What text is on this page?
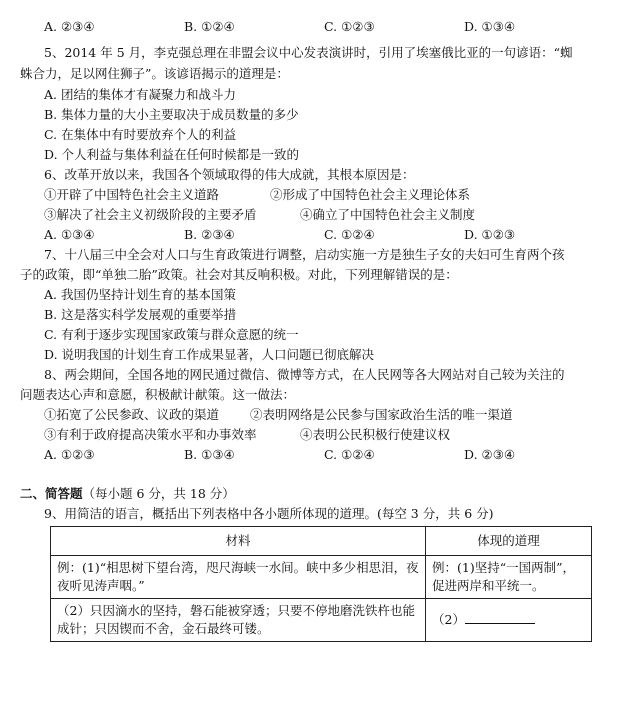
A. ②③④	B. ①②④	C. ①②③	D. ①③④
5、2014 年 5 月，李克强总理在非盟会议中心发表演讲时，引用了埃塞俄比亚的一句谚语：“蜘
蛛合力，足以网住狮子”。该谚语揭示的道理是：
A. 团结的集体才有凝聚力和战斗力
B. 集体力量的大小主要取决于成员数量的多少
C. 在集体中有时要放弃个人的利益
D. 个人利益与集体利益在任何时候都是一致的
6、改革开放以来，我国各个领域取得的伟大成就，其根本原因是：
①开辟了中国特色社会主义道路	②形成了中国特色社会主义理论体系
③解决了社会主义初级阶段的主要矛盾	④确立了中国特色社会主义制度
A. ①③④	B. ②③④	C. ①②④	D. ①②③
7、十八届三中全会对人口与生育政策进行调整，启动实施一方是独生子女的夫妇可生育两个孩
子的政策，即“单独二胎”政策。社会对其反响积极。对此，下列理解错误的是：
A. 我国仍坚持计划生育的基本国策
B. 这是落实科学发展观的重要举措
C. 有利于逐步实现国家政策与群众意愿的统一
D. 说明我国的计划生育工作成果显著，人口问题已彻底解决
8、两会期间，全国各地的网民通过微信、微博等方式，在人民网等各大网站对自己较为关注的
问题表达心声和意愿，积极献计献策。这一做法：
①拓宽了公民参政、议政的渠道 ②表明网络是公民参与国家政治生活的唯一渠道
③有利于政府提高决策水平和办事效率	④表明公民积极行使建议权
A. ①②③	B. ①③④	C. ①②④	D. ②③④
二、简答题（每小题 6 分，共 18 分）
9、用简洁的语言，概括出下列表格中各小题所体现的道理。(每空 3 分，共 6 分)
材料	体现的道理
例：(1)“相思树下望台湾，咫尺海峡一水间。峡中多少相思泪，夜夜听见涛声咽。”	例：(1)坚持“一国两制”，促进两岸和平统一。
（2）只因滴水的坚持，磐石能被穿透；只要不停地磨洗铁杵也能成针；只因锲而不舍，金石最终可镂。	（2）
